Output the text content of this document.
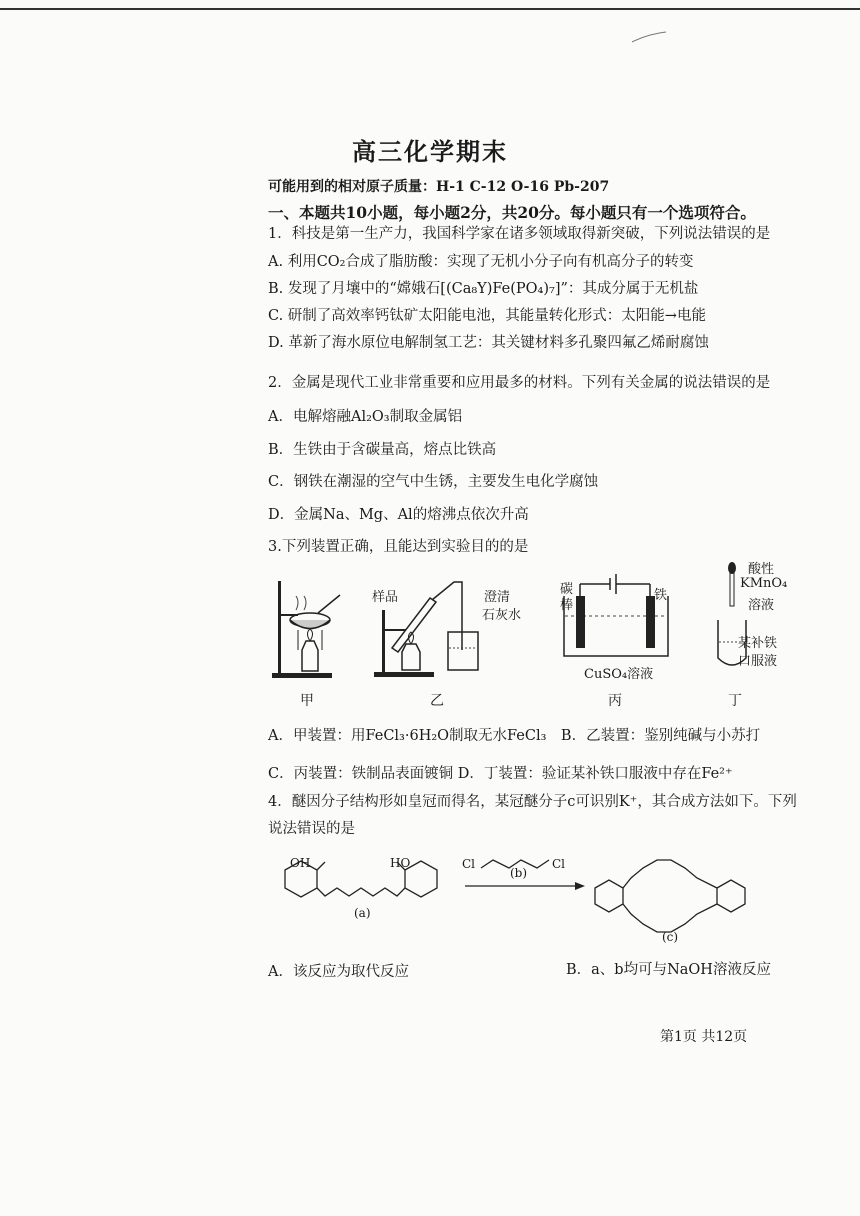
高三化学期末
可能用到的相对原子质量：H-1 C-12 O-16 Pb-207
一、本题共10小题，每小题2分，共20分。每小题只有一个选项符合。
1．科技是第一生产力，我国科学家在诸多领域取得新突破，下列说法错误的是
A. 利用CO₂合成了脂肪酸：实现了无机小分子向有机高分子的转变
B. 发现了月壤中的“嫦娥石[(Ca₈Y)Fe(PO₄)₇]”：其成分属于无机盐
C. 研制了高效率钙钛矿太阳能电池，其能量转化形式：太阳能→电能
D. 革新了海水原位电解制氢工艺：其关键材料多孔聚四氟乙烯耐腐蚀
2．金属是现代工业非常重要和应用最多的材料。下列有关金属的说法错误的是
A．电解熔融Al₂O₃制取金属铝
B．生铁由于含碳量高，熔点比铁高
C．钢铁在潮湿的空气中生锈，主要发生电化学腐蚀
D．金属Na、Mg、Al的熔沸点依次升高
3.下列装置正确，且能达到实验目的的是
甲
样品	澄清
石灰水
乙
碳
棒
铁
CuSO₄溶液
丙
酸性
KMnO₄
溶液
某补铁
口服液
丁
A．甲装置：用FeCl₃·6H₂O制取无水FeCl₃　B．乙装置：鉴别纯碱与小苏打
C．丙装置：铁制品表面镀铜 D．丁装置：验证某补铁口服液中存在Fe²⁺
4．醚因分子结构形如皇冠而得名，某冠醚分子c可识别K⁺，其合成方法如下。下列
说法错误的是
OH	HO
(a)
Cl	Cl
(b)
(c)
A．该反应为取代反应	B．a、b均可与NaOH溶液反应
第1页 共12页
